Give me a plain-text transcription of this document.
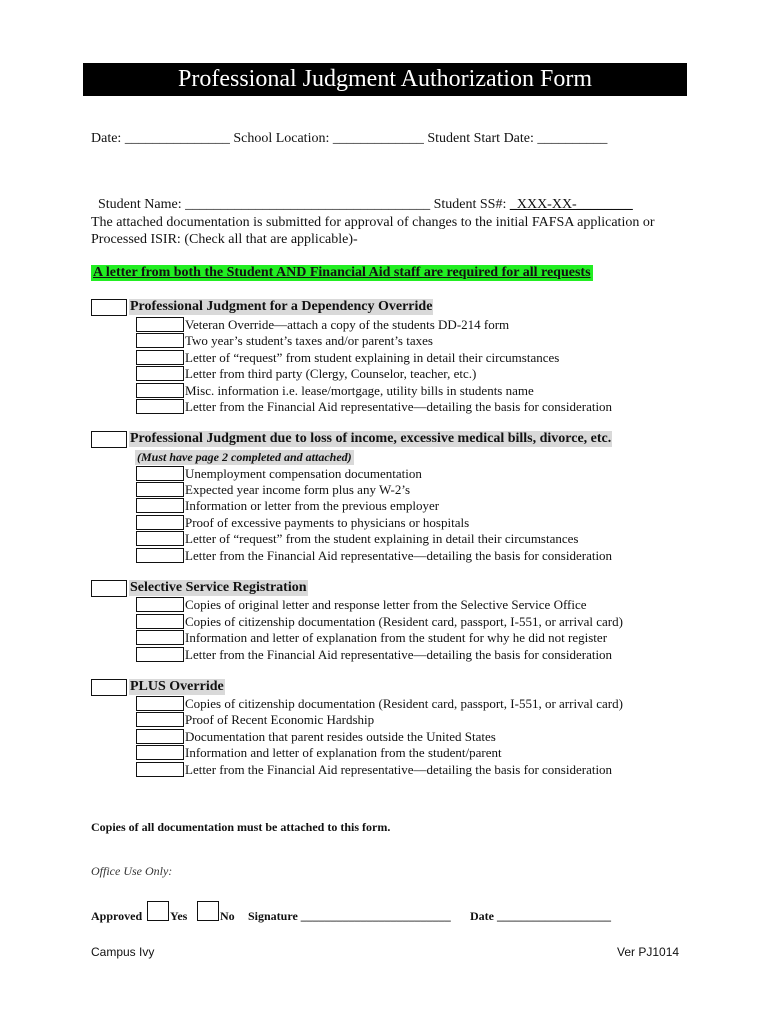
Professional Judgment Authorization Form
Date: _______________ School Location: _____________ Student Start Date: __________

Student Name: ___________________________________ Student SS#: _XXX-XX-________

The attached documentation is submitted for approval of changes to the initial FAFSA application or Processed ISIR: (Check all that are applicable)-
A letter from both the Student AND Financial Aid staff are required for all requests
Professional Judgment for a Dependency Override
Veteran Override—attach a copy of the students DD-214 form
Two year’s student’s taxes and/or parent’s taxes
Letter of “request” from student explaining in detail their circumstances
Letter from third party (Clergy, Counselor, teacher, etc.)
Misc. information i.e. lease/mortgage, utility bills in students name
Letter from the Financial Aid representative—detailing the basis for consideration
Professional Judgment due to loss of income, excessive medical bills, divorce, etc.
(Must have page 2 completed and attached)
Unemployment compensation documentation
Expected year income form plus any W-2’s
Information or letter from the previous employer
Proof of excessive payments to physicians or hospitals
Letter of “request” from the student explaining in detail their circumstances
Letter from the Financial Aid representative—detailing the basis for consideration
Selective Service Registration
Copies of original letter and response letter from the Selective Service Office
Copies of citizenship documentation (Resident card, passport, I-551, or arrival card)
Information and letter of explanation from the student for why he did not register
Letter from the Financial Aid representative—detailing the basis for consideration
PLUS Override
Copies of citizenship documentation (Resident card, passport, I-551, or arrival card)
Proof of Recent Economic Hardship
Documentation that parent resides outside the United States
Information and letter of explanation from the student/parent
Letter from the Financial Aid representative—detailing the basis for consideration
Copies of all documentation must be attached to this form.
Office Use Only:
Approved Yes	No Signature _________________________ Date ___________________
Campus Ivy	Ver PJ1014
